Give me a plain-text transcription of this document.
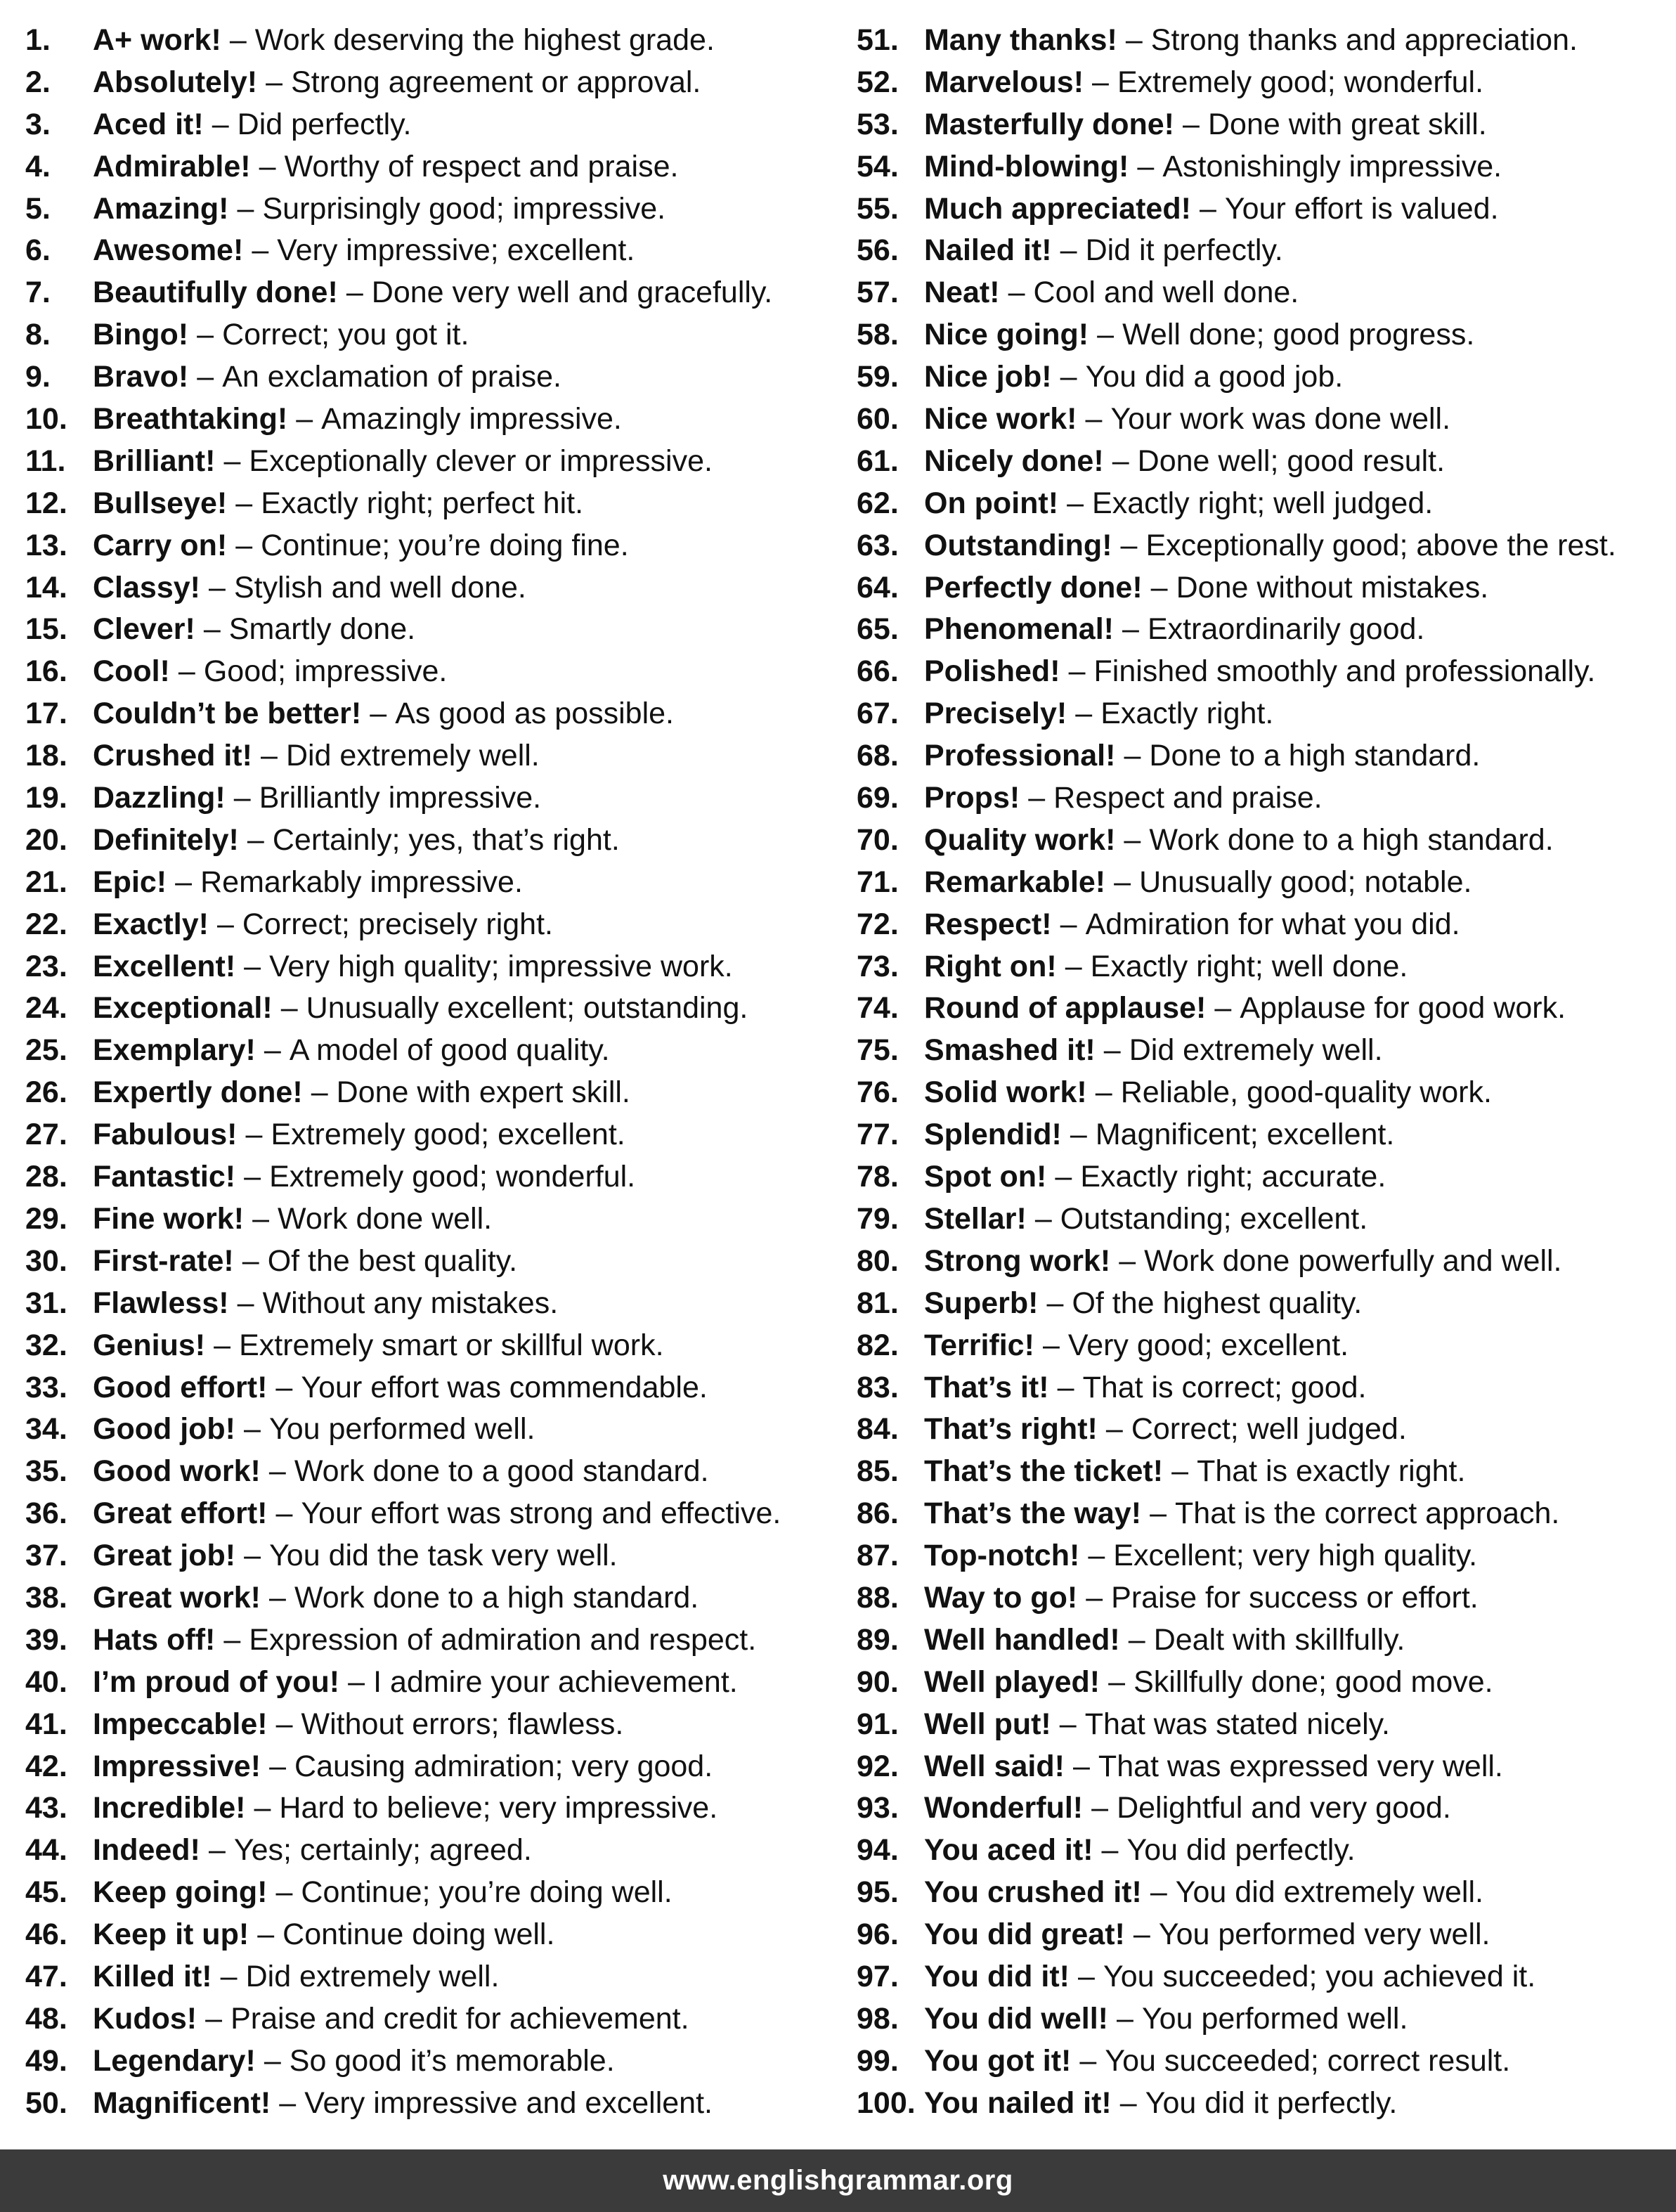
1.	A+ work! – Work deserving the highest grade.
2.	Absolutely! – Strong agreement or approval.
3.	Aced it! – Did perfectly.
4.	Admirable! – Worthy of respect and praise.
5.	Amazing! – Surprisingly good; impressive.
6.	Awesome! – Very impressive; excellent.
7.	Beautifully done! – Done very well and gracefully.
8.	Bingo! – Correct; you got it.
9.	Bravo! – An exclamation of praise.
10. Breathtaking! – Amazingly impressive.
11. Brilliant! – Exceptionally clever or impressive.
12. Bullseye! – Exactly right; perfect hit.
13. Carry on! – Continue; you’re doing fine.
14. Classy! – Stylish and well done.
15. Clever! – Smartly done.
16. Cool! – Good; impressive.
17. Couldn’t be better! – As good as possible.
18. Crushed it! – Did extremely well.
19. Dazzling! – Brilliantly impressive.
20. Definitely! – Certainly; yes, that’s right.
21. Epic! – Remarkably impressive.
22. Exactly! – Correct; precisely right.
23. Excellent! – Very high quality; impressive work.
24. Exceptional! – Unusually excellent; outstanding.
25. Exemplary! – A model of good quality.
26. Expertly done! – Done with expert skill.
27. Fabulous! – Extremely good; excellent.
28. Fantastic! – Extremely good; wonderful.
29. Fine work! – Work done well.
30. First-rate! – Of the best quality.
31. Flawless! – Without any mistakes.
32. Genius! – Extremely smart or skillful work.
33. Good effort! – Your effort was commendable.
34. Good job! – You performed well.
35. Good work! – Work done to a good standard.
36. Great effort! – Your effort was strong and effective.
37. Great job! – You did the task very well.
38. Great work! – Work done to a high standard.
39. Hats off! – Expression of admiration and respect.
40. I’m proud of you! – I admire your achievement.
41. Impeccable! – Without errors; flawless.
42. Impressive! – Causing admiration; very good.
43. Incredible! – Hard to believe; very impressive.
44. Indeed! – Yes; certainly; agreed.
45. Keep going! – Continue; you’re doing well.
46. Keep it up! – Continue doing well.
47. Killed it! – Did extremely well.
48. Kudos! – Praise and credit for achievement.
49. Legendary! – So good it’s memorable.
50. Magnificent! – Very impressive and excellent.
51. Many thanks! – Strong thanks and appreciation.
52. Marvelous! – Extremely good; wonderful.
53. Masterfully done! – Done with great skill.
54. Mind-blowing! – Astonishingly impressive.
55. Much appreciated! – Your effort is valued.
56. Nailed it! – Did it perfectly.
57. Neat! – Cool and well done.
58. Nice going! – Well done; good progress.
59. Nice job! – You did a good job.
60. Nice work! – Your work was done well.
61. Nicely done! – Done well; good result.
62. On point! – Exactly right; well judged.
63. Outstanding! – Exceptionally good; above the rest.
64. Perfectly done! – Done without mistakes.
65. Phenomenal! – Extraordinarily good.
66. Polished! – Finished smoothly and professionally.
67. Precisely! – Exactly right.
68. Professional! – Done to a high standard.
69. Props! – Respect and praise.
70. Quality work! – Work done to a high standard.
71. Remarkable! – Unusually good; notable.
72. Respect! – Admiration for what you did.
73. Right on! – Exactly right; well done.
74. Round of applause! – Applause for good work.
75. Smashed it! – Did extremely well.
76. Solid work! – Reliable, good-quality work.
77. Splendid! – Magnificent; excellent.
78. Spot on! – Exactly right; accurate.
79. Stellar! – Outstanding; excellent.
80. Strong work! – Work done powerfully and well.
81. Superb! – Of the highest quality.
82. Terrific! – Very good; excellent.
83. That’s it! – That is correct; good.
84. That’s right! – Correct; well judged.
85. That’s the ticket! – That is exactly right.
86. That’s the way! – That is the correct approach.
87. Top-notch! – Excellent; very high quality.
88. Way to go! – Praise for success or effort.
89. Well handled! – Dealt with skillfully.
90. Well played! – Skillfully done; good move.
91. Well put! – That was stated nicely.
92. Well said! – That was expressed very well.
93. Wonderful! – Delightful and very good.
94. You aced it! – You did perfectly.
95. You crushed it! – You did extremely well.
96. You did great! – You performed very well.
97. You did it! – You succeeded; you achieved it.
98. You did well! – You performed well.
99. You got it! – You succeeded; correct result.
100. You nailed it! – You did it perfectly.
www.englishgrammar.org
